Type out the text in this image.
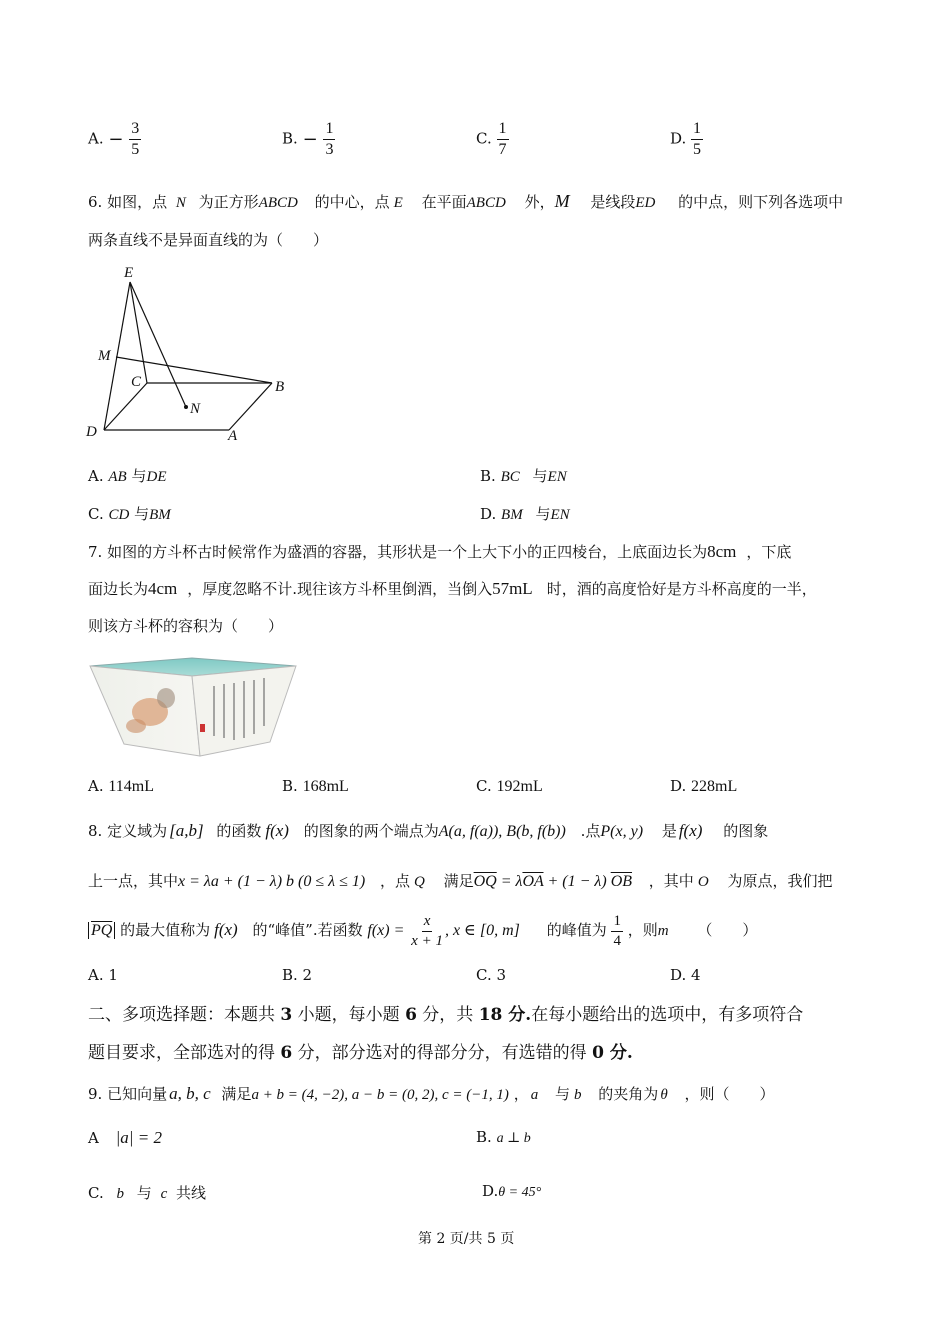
A. − $\frac{3}{5}$	B. − $\frac{1}{3}$	C. $\frac{1}{7}$	D. $\frac{1}{5}$
6. 如图，点 N 为正方形ABCD 的中心，点 E 在平面ABCD 外，M 是线段ED 的中点，则下列各选项中
两条直线不是异面直线的为（　　）
E
M
C	B
N
D	A
A. AB 与DE	B. BC 与EN
C. CD 与BM	D. BM 与EN
7. 如图的方斗杯古时候常作为盛酒的容器，其形状是一个上大下小的正四棱台，上底面边长为8cm ，下底
面边长为4cm ，厚度忽略不计.现往该方斗杯里倒酒，当倒入57mL 时，酒的高度恰好是方斗杯高度的一半，
则该方斗杯的容积为（　　）
A. 114mL	B. 168mL	C. 192mL	D. 228mL
8. 定义域为 [a,b] 的函数 f(x) 的图象的两个端点为A(a, f(a)), B(b, f(b)) .点P(x, y) 是 f(x) 的图象
上一点，其中x = λa + (1 − λ) b (0 ≤ λ ≤ 1) ，点 Q 满足$\overline{OQ} = \lambda\overline{OA} + (1 - \lambda)$ $\overline{OB}$ ，其中 O 为原点，我们把
$\overline{PQ}$ 的最大值称为 f(x) 的“峰值”.若函数 $f(x) = \frac{x}{x + 1}$ , x ∈ [0, m] 的峰值为 $\frac{1}{4}$ ，则m （　　）
A. 1	B. 2	C. 3	D. 4
二、多项选择题：本题共 3 小题，每小题 6 分，共 18 分.在每小题给出的选项中，有多项符合
题目要求，全部选对的得 6 分，部分选对的得部分分，有选错的得 0 分.
9. 已知向量 a, b, c 满足a + b = (4, −2), a − b = (0, 2), c = (−1, 1) ， a 与 b 的夹角为 θ ，则（　　）
A |a| = 2	B. a ⊥ b
C. b 与 c 共线	D.θ = 45°
第 2 页/共 5 页
